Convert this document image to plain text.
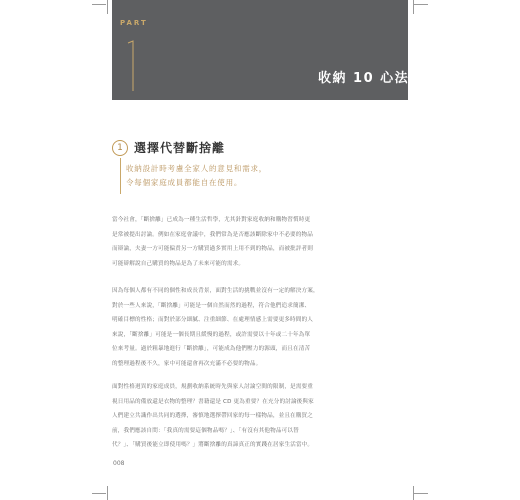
PART
收納 10 心法
1 選擇代替斷捨離
收納設計時考慮全家人的意見和需求，
令每個家庭成員都能自在使用。
當今社會，「斷捨離」已成為一種生活哲學，尤其針對家庭收納和購物習慣時更
是常被提出討論。例如在家庭會議中，我們常為是否應該斷除家中不必要的物品
而辯論，夫妻一方可能偏責另一方購買過多實用上用不到的物品，而被批評者則
可能辯解說自己購買的物品是為了未來可能的需求。
因為每個人都有不同的個性和成長背景，面對生活的挑戰並沒有一定的解決方案，
對於一些人來說，「斷捨離」可能是一個自然而然的過程，符合他們追求簡潔、
明確目標的性格；而對於部分細膩、注重細節、在處理情感上需要更多時間的人
來說，「斷捨離」可能是一個長期且緩慢的過程，或許需要以十年或二十年為單
位來考量。過於粗暴地進行「斷捨離」，可能成為他們壓力的源頭，而且在清苦
的整理過程後不久，家中可能還會再次充滿不必要的物品。
面對性格迥異的家庭成員，規劃收納系統時先與家人討論空間的限制，是需要重
視日用品的備放還是衣物的整理？書籍還是 CD 更為重要？在充分的討論後與家
人們建立共識作出共同的選擇，審慎地選擇帶回家的每一樣物品，並且在購買之
前，我們應該自問：「我真的需要這個物品嗎？」、「有沒有其他物品可以替
代？」、「購買後能立即使用嗎？」將斷捨離的真諦真正的實踐在居家生活當中。
008
